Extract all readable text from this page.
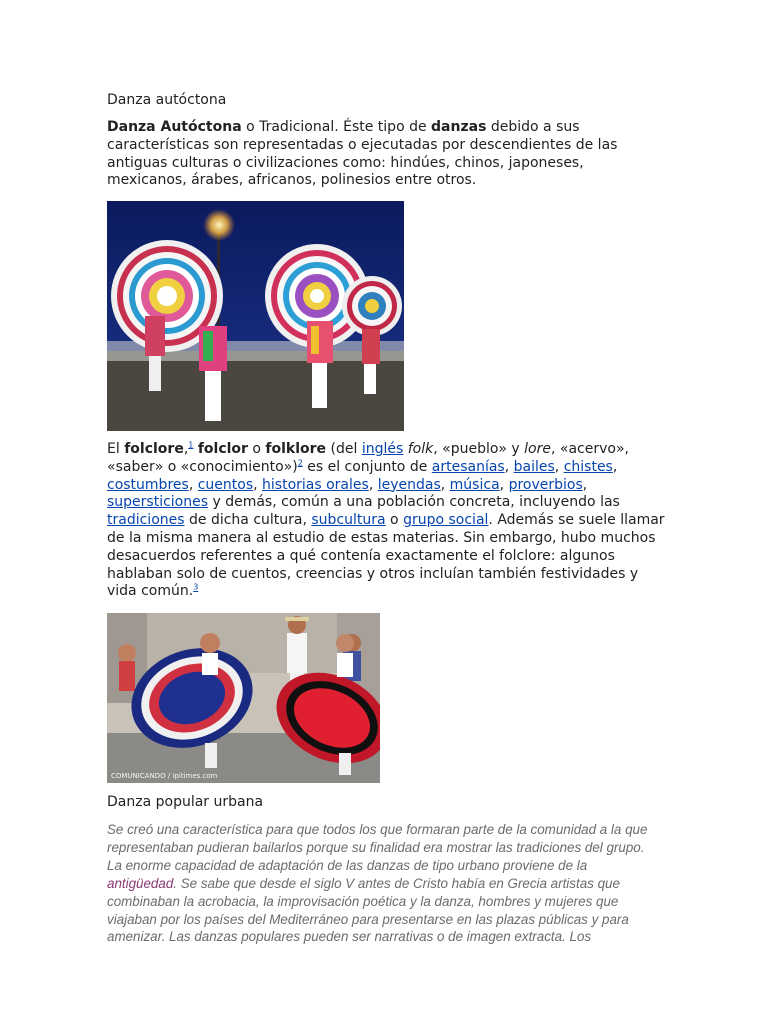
Danza autóctona

Danza Autóctona o Tradicional. Éste tipo de danzas debido a sus características son representadas o ejecutadas por descendientes de las antiguas culturas o civilizaciones como: hindúes, chinos, japoneses, mexicanos, árabes, africanos, polinesios entre otros.

El folclore,$^1$ folclor o folklore (del inglés folk, «pueblo» y lore, «acervo», «saber» o «conocimiento»)$^2$ es el conjunto de artesanías, bailes, chistes, costumbres, cuentos, historias orales, leyendas, música, proverbios, supersticiones y demás, común a una población concreta, incluyendo las tradiciones de dicha cultura, subcultura o grupo social. Además se suele llamar de la misma manera al estudio de estas materias. Sin embargo, hubo muchos desacuerdos referentes a qué contenía exactamente el folclore: algunos hablaban solo de cuentos, creencias y otros incluían también festividades y vida común.$^3$

COMUNICANDO / ipitimes.com
Danza popular urbana

Se creó una característica para que todos los que formaran parte de la comunidad a la que representaban pudieran bailarlos porque su finalidad era mostrar las tradiciones del grupo. La enorme capacidad de adaptación de las danzas de tipo urbano proviene de la antigüedad. Se sabe que desde el siglo V antes de Cristo había en Grecia artistas que combinaban la acrobacia, la improvisación poética y la danza, hombres y mujeres que viajaban por los países del Mediterráneo para presentarse en las plazas públicas y para amenizar. Las danzas populares pueden ser narrativas o de imagen extracta. Los
